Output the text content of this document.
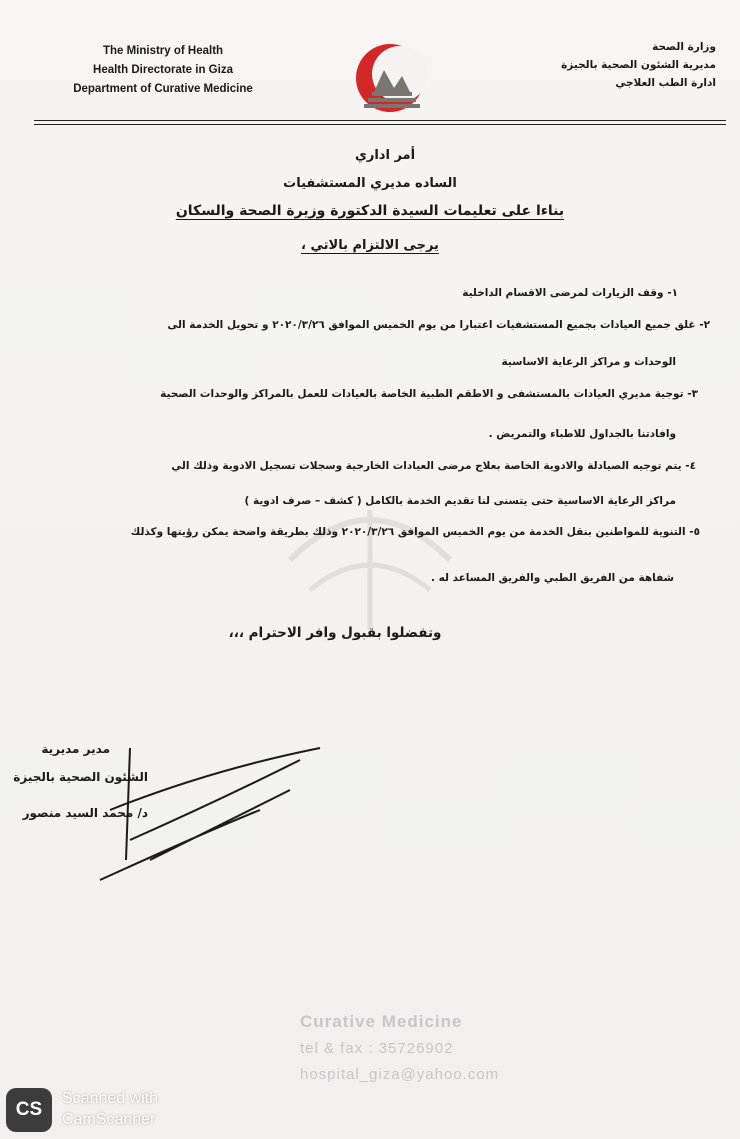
The Ministry of Health
Health Directorate in Giza
Department of Curative Medicine
وزارة الصحة
مديرية الشئون الصحية بالجيزة
ادارة الطب العلاجي
أمر اداري
الساده مديري المستشفيات
بناءا على تعليمات السيدة الدكتورة وزيرة الصحة والسكان
يرجى الالتزام بالاتي ،
١- وقف الزيارات لمرضى الاقسام الداخلية
٢- غلق جميع العيادات بجميع المستشفيات اعتبارا من يوم الخميس الموافق ٢٠٢٠/٣/٢٦ و تحويل الخدمة الى
الوحدات و مراكز الرعاية الاساسية
٣- توجية مديري العيادات بالمستشفى و الاطقم الطبية الخاصة بالعيادات للعمل بالمراكز والوحدات الصحية
وافادتنا بالجداول للاطباء والتمريض .
٤- يتم توجيه الصيادلة والادوية الخاصة بعلاج مرضى العيادات الخارجية وسجلات تسجيل الادوية وذلك الي
مراكز الرعاية الاساسية حتى يتسنى لنا تقديم الخدمة بالكامل ( كشف – صرف ادوية )
٥- التنوية للمواطنين بنقل الخدمة من يوم الخميس الموافق ٢٠٢٠/٣/٢٦ وذلك بطريقة واضحة يمكن رؤيتها وكذلك
شفاهة من الفريق الطبي والفريق المساعد له .
وتفضلوا بقبول وافر الاحترام ،،،
مدير مديرية
الشئون الصحية بالجيزة
د/ محمد السيد منصور
Curative Medicine
tel & fax : 35726902
hospital_giza@yahoo.com
CS
Scanned with
CamScanner
